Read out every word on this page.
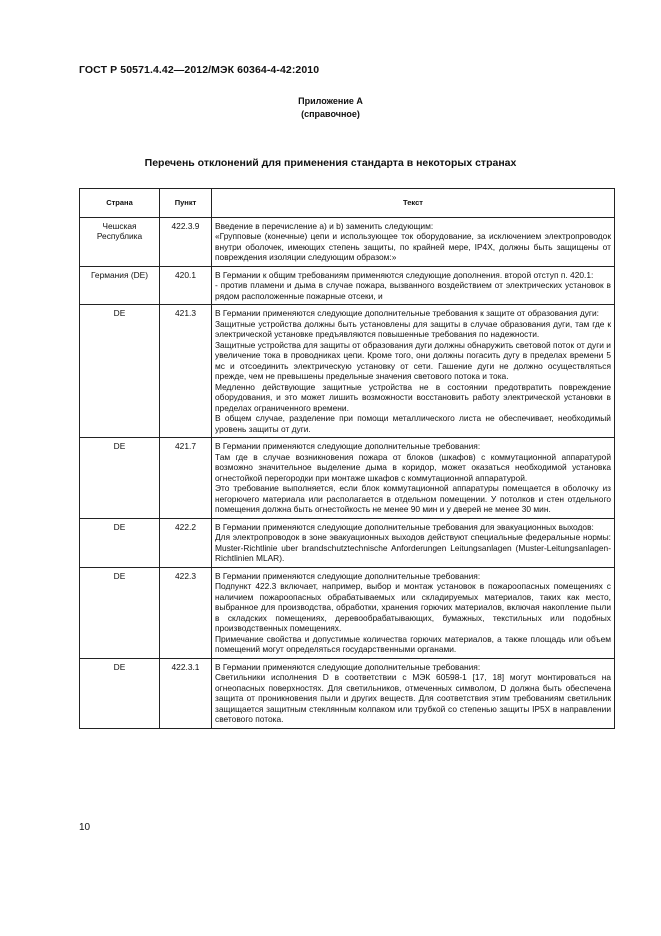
ГОСТ Р 50571.4.42—2012/МЭК 60364-4-42:2010
Приложение А
(справочное)
Перечень отклонений для применения стандарта в некоторых странах
Страна	Пункт	Текст
Чешская Республика	422.3.9	Введение в перечисление а) и b) заменить следующим:

«Групповые (конечные) цепи и использующее ток оборудование, за исключением электропроводок внутри оболочек, имеющих степень защиты, по крайней мере, IP4X, должны быть защищены от повреждения изоляции следующим образом:»

Германия (DE)	420.1	В Германии к общим требованиям применяются следующие дополнения. второй отступ п. 420.1:

- против пламени и дыма в случае пожара, вызванного воздействием от электрических установок в рядом расположенные пожарные отсеки, и

DE	421.3	В Германии применяются следующие дополнительные требования к защите от образования дуги:

Защитные устройства должны быть установлены для защиты в случае образования дуги, там где к электрической установке предъявляются повышенные требования по надежности.

Защитные устройства для защиты от образования дуги должны обнаружить световой поток от дуги и увеличение тока в проводниках цепи. Кроме того, они должны погасить дугу в пределах времени 5 мс и отсоединить электрическую установку от сети. Гашение дуги не должно осуществляться прежде, чем не превышены предельные значения светового потока и тока.

Медленно действующие защитные устройства не в состоянии предотвратить повреждение оборудования, и это может лишить возможности восстановить работу электрической установки в пределах ограниченного времени.

В общем случае, разделение при помощи металлического листа не обеспечивает, необходимый уровень защиты от дуги.

DE	421.7	В Германии применяются следующие дополнительные требования:

Там где в случае возникновения пожара от блоков (шкафов) с коммутационной аппаратурой возможно значительное выделение дыма в коридор, может оказаться необходимой установка огнестойкой перегородки при монтаже шкафов с коммутационной аппаратурой.

Это требование выполняется, если блок коммутационной аппаратуры помещается в оболочку из негорючего материала или располагается в отдельном помещении. У потолков и стен отдельного помещения должна быть огнестойкость не менее 90 мин и у дверей не менее 30 мин.

DE	422.2	В Германии применяются следующие дополнительные требования для эвакуационных выходов:

Для электропроводок в зоне эвакуационных выходов действуют специальные федеральные нормы: Muster-Richtlinie uber brandschutztechnische Anforderungen Leitungsanlagen (Muster-Leitungsanlagen-Richtlinien MLAR).

DE	422.3	В Германии применяются следующие дополнительные требования:

Подпункт 422.3 включает, например, выбор и монтаж установок в пожароопасных помещениях с наличием пожароопасных обрабатываемых или складируемых материалов, таких как место, выбранное для производства, обработки, хранения горючих материалов, включая накопление пыли в складских помещениях, деревообрабатывающих, бумажных, текстильных или подобных производственных помещениях.

Примечание свойства и допустимые количества горючих материалов, а также площадь или объем помещений могут определяться государственными органами.

DE	422.3.1	В Германии применяются следующие дополнительные требования:

Светильники исполнения D в соответствии с МЭК 60598-1 [17, 18] могут монтироваться на огнеопасных поверхностях. Для светильников, отмеченных символом, D должна быть обеспечена защита от проникновения пыли и других веществ. Для соответствия этим требованиям светильник защищается защитным стеклянным колпаком или трубкой со степенью защиты IP5X в направлении светового потока.

10
